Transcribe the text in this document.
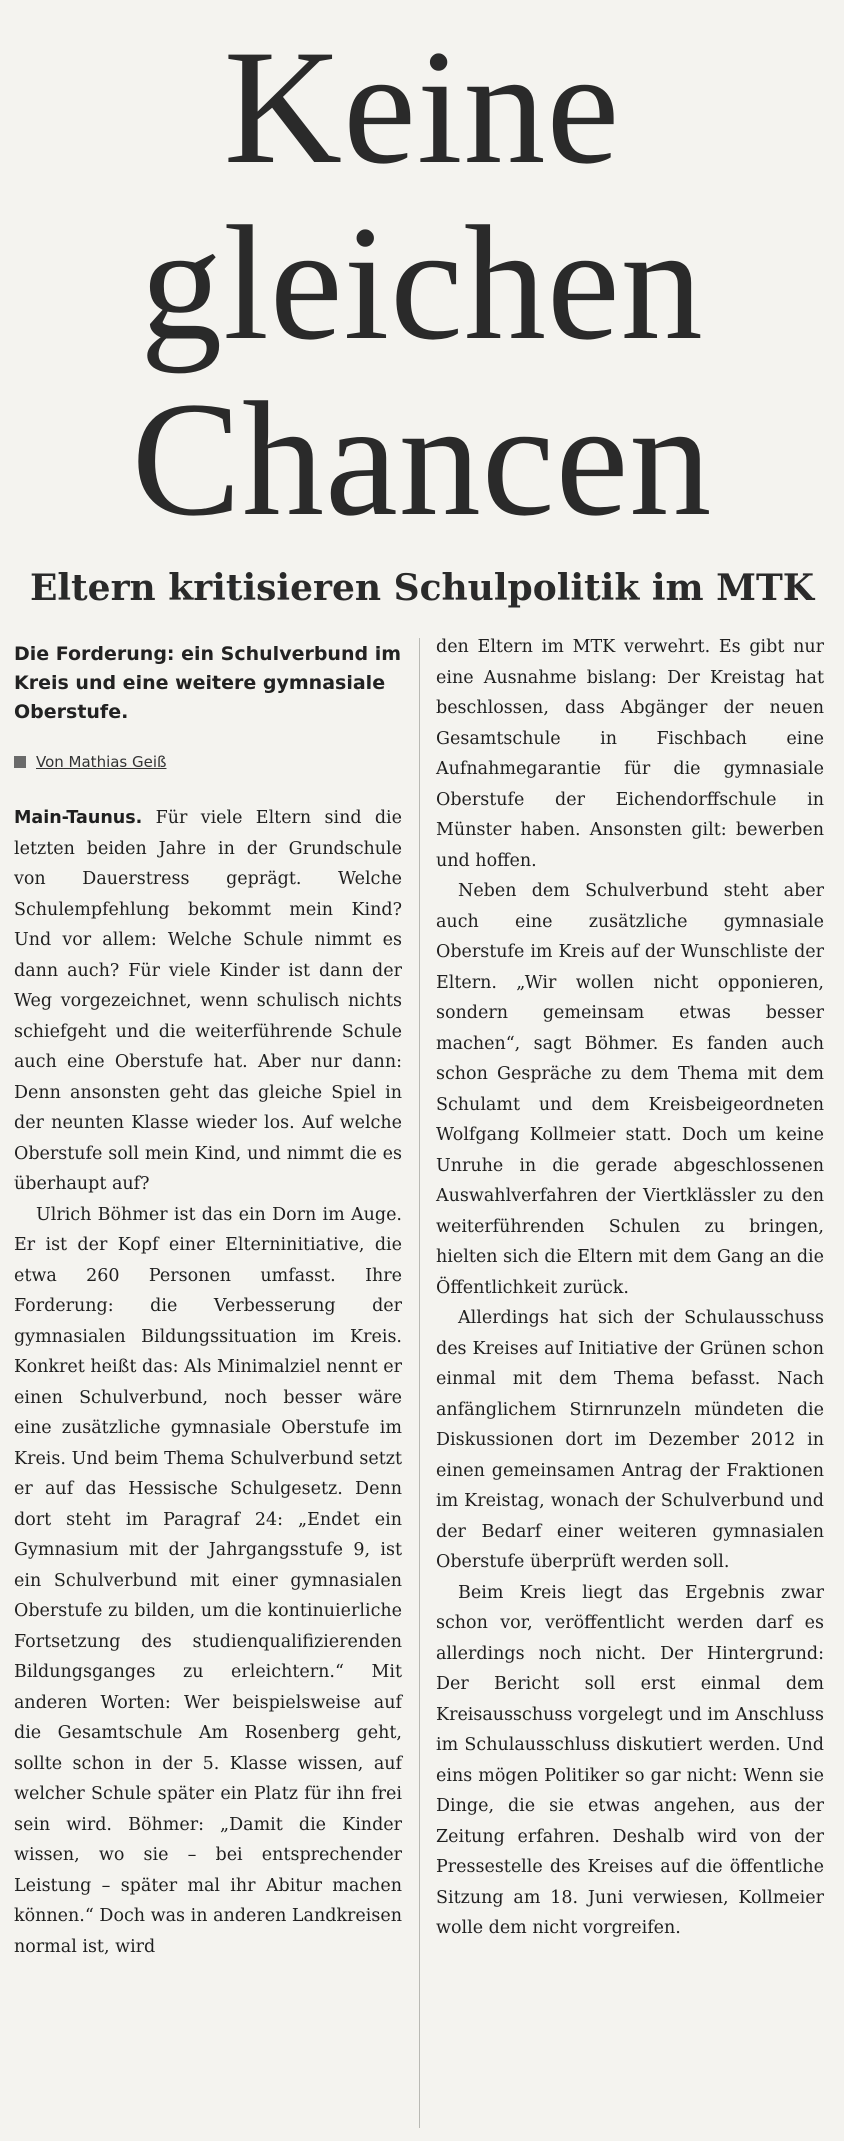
Keine
gleichen
Chancen
Eltern kritisieren Schulpolitik im MTK
Die Forderung: ein Schulverbund im Kreis und eine weitere gymnasiale Oberstufe.
Von Mathias Geiß

Main-Taunus. Für viele Eltern sind die letzten beiden Jahre in der Grundschule von Dauerstress geprägt. Welche Schulempfehlung bekommt mein Kind? Und vor allem: Welche Schule nimmt es dann auch? Für viele Kinder ist dann der Weg vorgezeichnet, wenn schulisch nichts schiefgeht und die weiterführende Schule auch eine Oberstufe hat. Aber nur dann: Denn ansonsten geht das gleiche Spiel in der neunten Klasse wieder los. Auf welche Oberstufe soll mein Kind, und nimmt die es überhaupt auf?

Ulrich Böhmer ist das ein Dorn im Auge. Er ist der Kopf einer Elterninitiative, die etwa 260 Personen umfasst. Ihre Forderung: die Verbesserung der gymnasialen Bildungssituation im Kreis. Konkret heißt das: Als Minimalziel nennt er einen Schulverbund, noch besser wäre eine zusätzliche gymnasiale Oberstufe im Kreis. Und beim Thema Schulverbund setzt er auf das Hessische Schulgesetz. Denn dort steht im Paragraf 24: „Endet ein Gymnasium mit der Jahrgangsstufe 9, ist ein Schulverbund mit einer gymnasialen Oberstufe zu bilden, um die kontinuierliche Fortsetzung des studienqualifizierenden Bildungsganges zu erleichtern.“ Mit anderen Worten: Wer beispielsweise auf die Gesamtschule Am Rosenberg geht, sollte schon in der 5. Klasse wissen, auf welcher Schule später ein Platz für ihn frei sein wird. Böhmer: „Damit die Kinder wissen, wo sie – bei entsprechender Leistung – später mal ihr Abitur machen können.“ Doch was in anderen Landkreisen normal ist, wird

den Eltern im MTK verwehrt. Es gibt nur eine Ausnahme bislang: Der Kreistag hat beschlossen, dass Abgänger der neuen Gesamtschule in Fischbach eine Aufnahmegarantie für die gymnasiale Oberstufe der Eichendorffschule in Münster haben. Ansonsten gilt: bewerben und hoffen.

Neben dem Schulverbund steht aber auch eine zusätzliche gymnasiale Oberstufe im Kreis auf der Wunschliste der Eltern. „Wir wollen nicht opponieren, sondern gemeinsam etwas besser machen“, sagt Böhmer. Es fanden auch schon Gespräche zu dem Thema mit dem Schulamt und dem Kreisbeigeordneten Wolfgang Kollmeier statt. Doch um keine Unruhe in die gerade abgeschlossenen Auswahlverfahren der Viertklässler zu den weiterführenden Schulen zu bringen, hielten sich die Eltern mit dem Gang an die Öffentlichkeit zurück.

Allerdings hat sich der Schulausschuss des Kreises auf Initiative der Grünen schon einmal mit dem Thema befasst. Nach anfänglichem Stirnrunzeln mündeten die Diskussionen dort im Dezember 2012 in einen gemeinsamen Antrag der Fraktionen im Kreistag, wonach der Schulverbund und der Bedarf einer weiteren gymnasialen Oberstufe überprüft werden soll.

Beim Kreis liegt das Ergebnis zwar schon vor, veröffentlicht werden darf es allerdings noch nicht. Der Hintergrund: Der Bericht soll erst einmal dem Kreisausschuss vorgelegt und im Anschluss im Schulausschluss diskutiert werden. Und eins mögen Politiker so gar nicht: Wenn sie Dinge, die sie etwas angehen, aus der Zeitung erfahren. Deshalb wird von der Pressestelle des Kreises auf die öffentliche Sitzung am 18. Juni verwiesen, Kollmeier wolle dem nicht vorgreifen.
